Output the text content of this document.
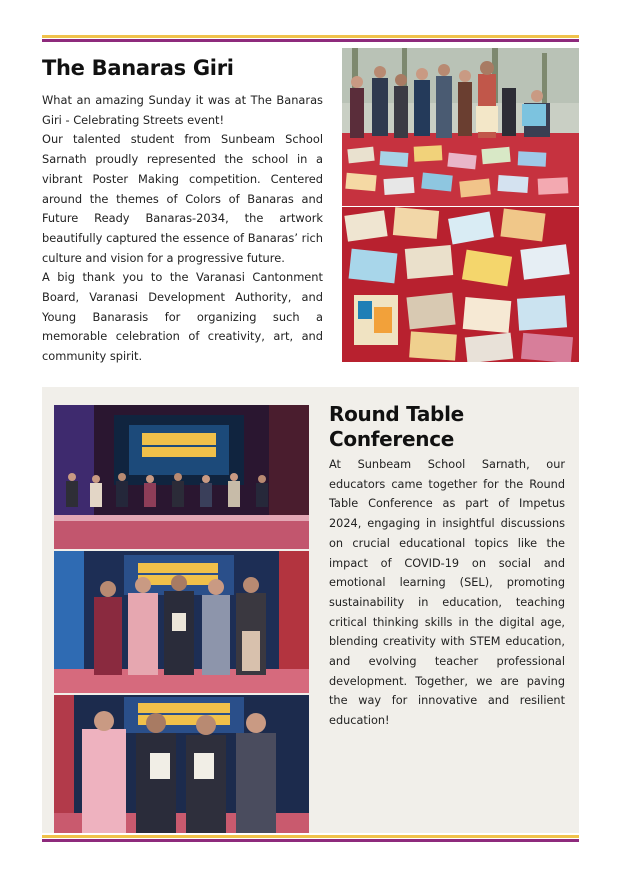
The Banaras Giri

What an amazing Sunday it was at The Banaras Giri - Celebrating Streets event!

Our talented student from Sunbeam School Sarnath proudly represented the school in a vibrant Poster Making competition. Centered around the themes of Colors of Banaras and Future Ready Banaras-2034, the artwork beautifully captured the essence of Banaras’ rich culture and vision for a progressive future.

A big thank you to the Varanasi Cantonment Board, Varanasi Development Authority, and Young Banarasis for organizing such a memorable celebration of creativity, art, and community spirit.

Round Table Conference

At Sunbeam School Sarnath, our educators came together for the Round Table Conference as part of Impetus 2024, engaging in insightful discussions on crucial educational topics like the impact of COVID-19 on social and emotional learning (SEL), promoting sustainability in education, teaching critical thinking skills in the digital age, blending creativity with STEM education, and evolving teacher professional development. Together, we are paving the way for innovative and resilient education!
